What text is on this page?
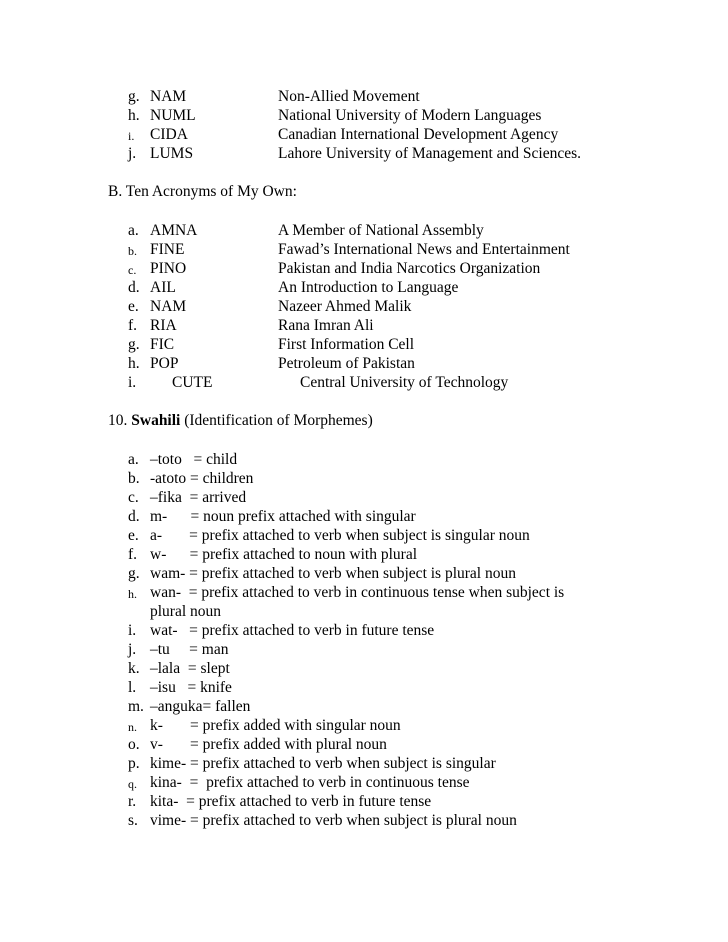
g. NAM	Non-Allied Movement
h. NUML	National University of Modern Languages
i. CIDA	Canadian International Development Agency
j. LUMS	Lahore University of Management and Sciences.
B. Ten Acronyms of My Own:
a. AMNA	A Member of National Assembly
b. FINE	Fawad’s International News and Entertainment
c. PINO	Pakistan and India Narcotics Organization
d. AIL	An Introduction to Language
e. NAM	Nazeer Ahmed Malik
f. RIA	Rana Imran Ali
g. FIC	First Information Cell
h. POP	Petroleum of Pakistan
i. CUTE	Central University of Technology
10. Swahili (Identification of Morphemes)
a. –toto   = child
b. -atoto = children
c. –fika  = arrived
d. m-      = noun prefix attached with singular
e. a-       = prefix attached to verb when subject is singular noun
f. w-      = prefix attached to noun with plural
g. wam- = prefix attached to verb when subject is plural noun
h. wan-  = prefix attached to verb in continuous tense when subject is
plural noun
i. wat-   = prefix attached to verb in future tense
j. –tu     = man
k. –lala  = slept
l. –isu   = knife
m. –anguka= fallen
n. k-       = prefix added with singular noun
o. v-       = prefix added with plural noun
p. kime- = prefix attached to verb when subject is singular
q. kina-  =  prefix attached to verb in continuous tense
r. kita-  = prefix attached to verb in future tense
s. vime- = prefix attached to verb when subject is plural noun
